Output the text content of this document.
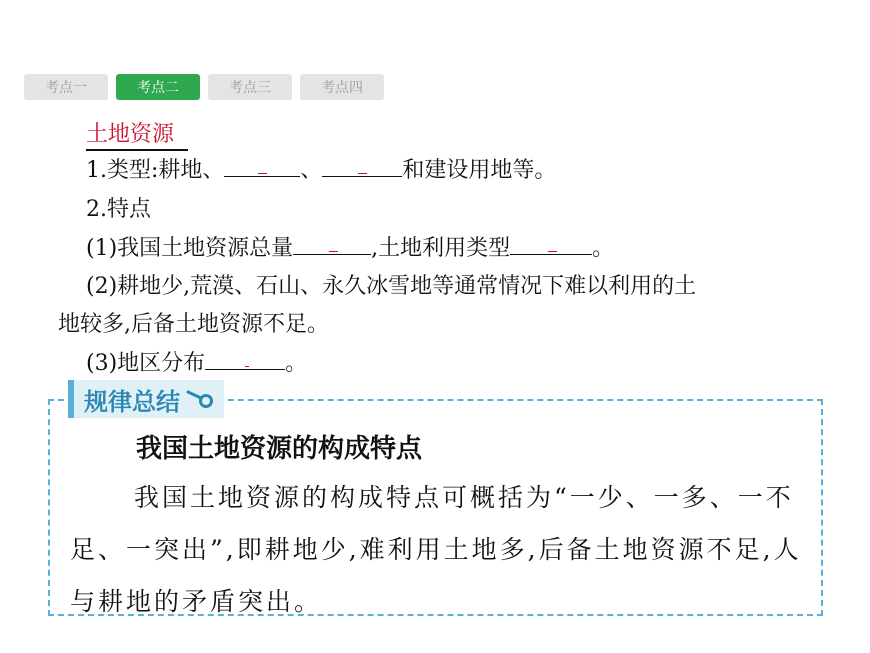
考点一	考点二	考点三	考点四
土地资源
1.类型:耕地、	、	和建设用地等。
2.特点
(1)我国土地资源总量	,土地利用类型	。
(2)耕地少,荒漠、石山、永久冰雪地等通常情况下难以利用的土
地较多,后备土地资源不足。
(3)地区分布	。
规律总结
我国土地资源的构成特点
我国土地资源的构成特点可概括为“一少、一多、一不足、一突出”,即耕地少,难利用土地多,后备土地资源不足,人与耕地的矛盾突出。
